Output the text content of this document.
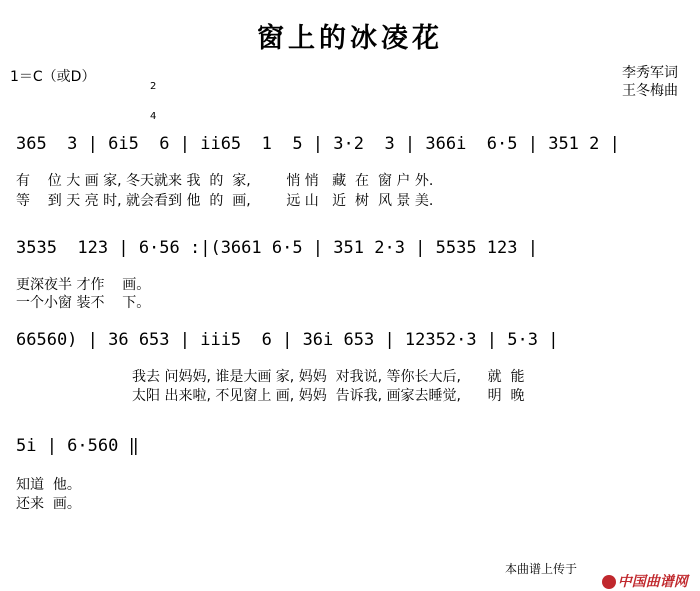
窗上的冰凌花
1＝C（或D）

2

4

李秀军词
王冬梅曲
365  3 | 6i5  6 | ii65  1  5 | 3·2  3 | 366i  6·5 | 351 2 |
有    位 大 画 家, 冬天就来 我  的  家,        悄 悄   藏  在  窗 户 外.
等    到 天 亮 时, 就会看到 他  的  画,        远 山   近  树  风 景 美.
3535  123 | 6·56 :|(3661 6·5 | 351 2·3 | 5535 123 |
更深夜半 才作    画。
一个小窗 装不    下。
66560) | 36 653 | iii5  6 | 36i 653 | 12352·3 | 5·3 |
我去 问妈妈, 谁是大画 家, 妈妈  对我说, 等你长大后,      就  能
太阳 出来啦, 不见窗上 画, 妈妈  告诉我, 画家去睡觉,      明  晚
5i | 6·560 ‖
知道  他。
还来  画。
本曲谱上传于

中国曲谱网
